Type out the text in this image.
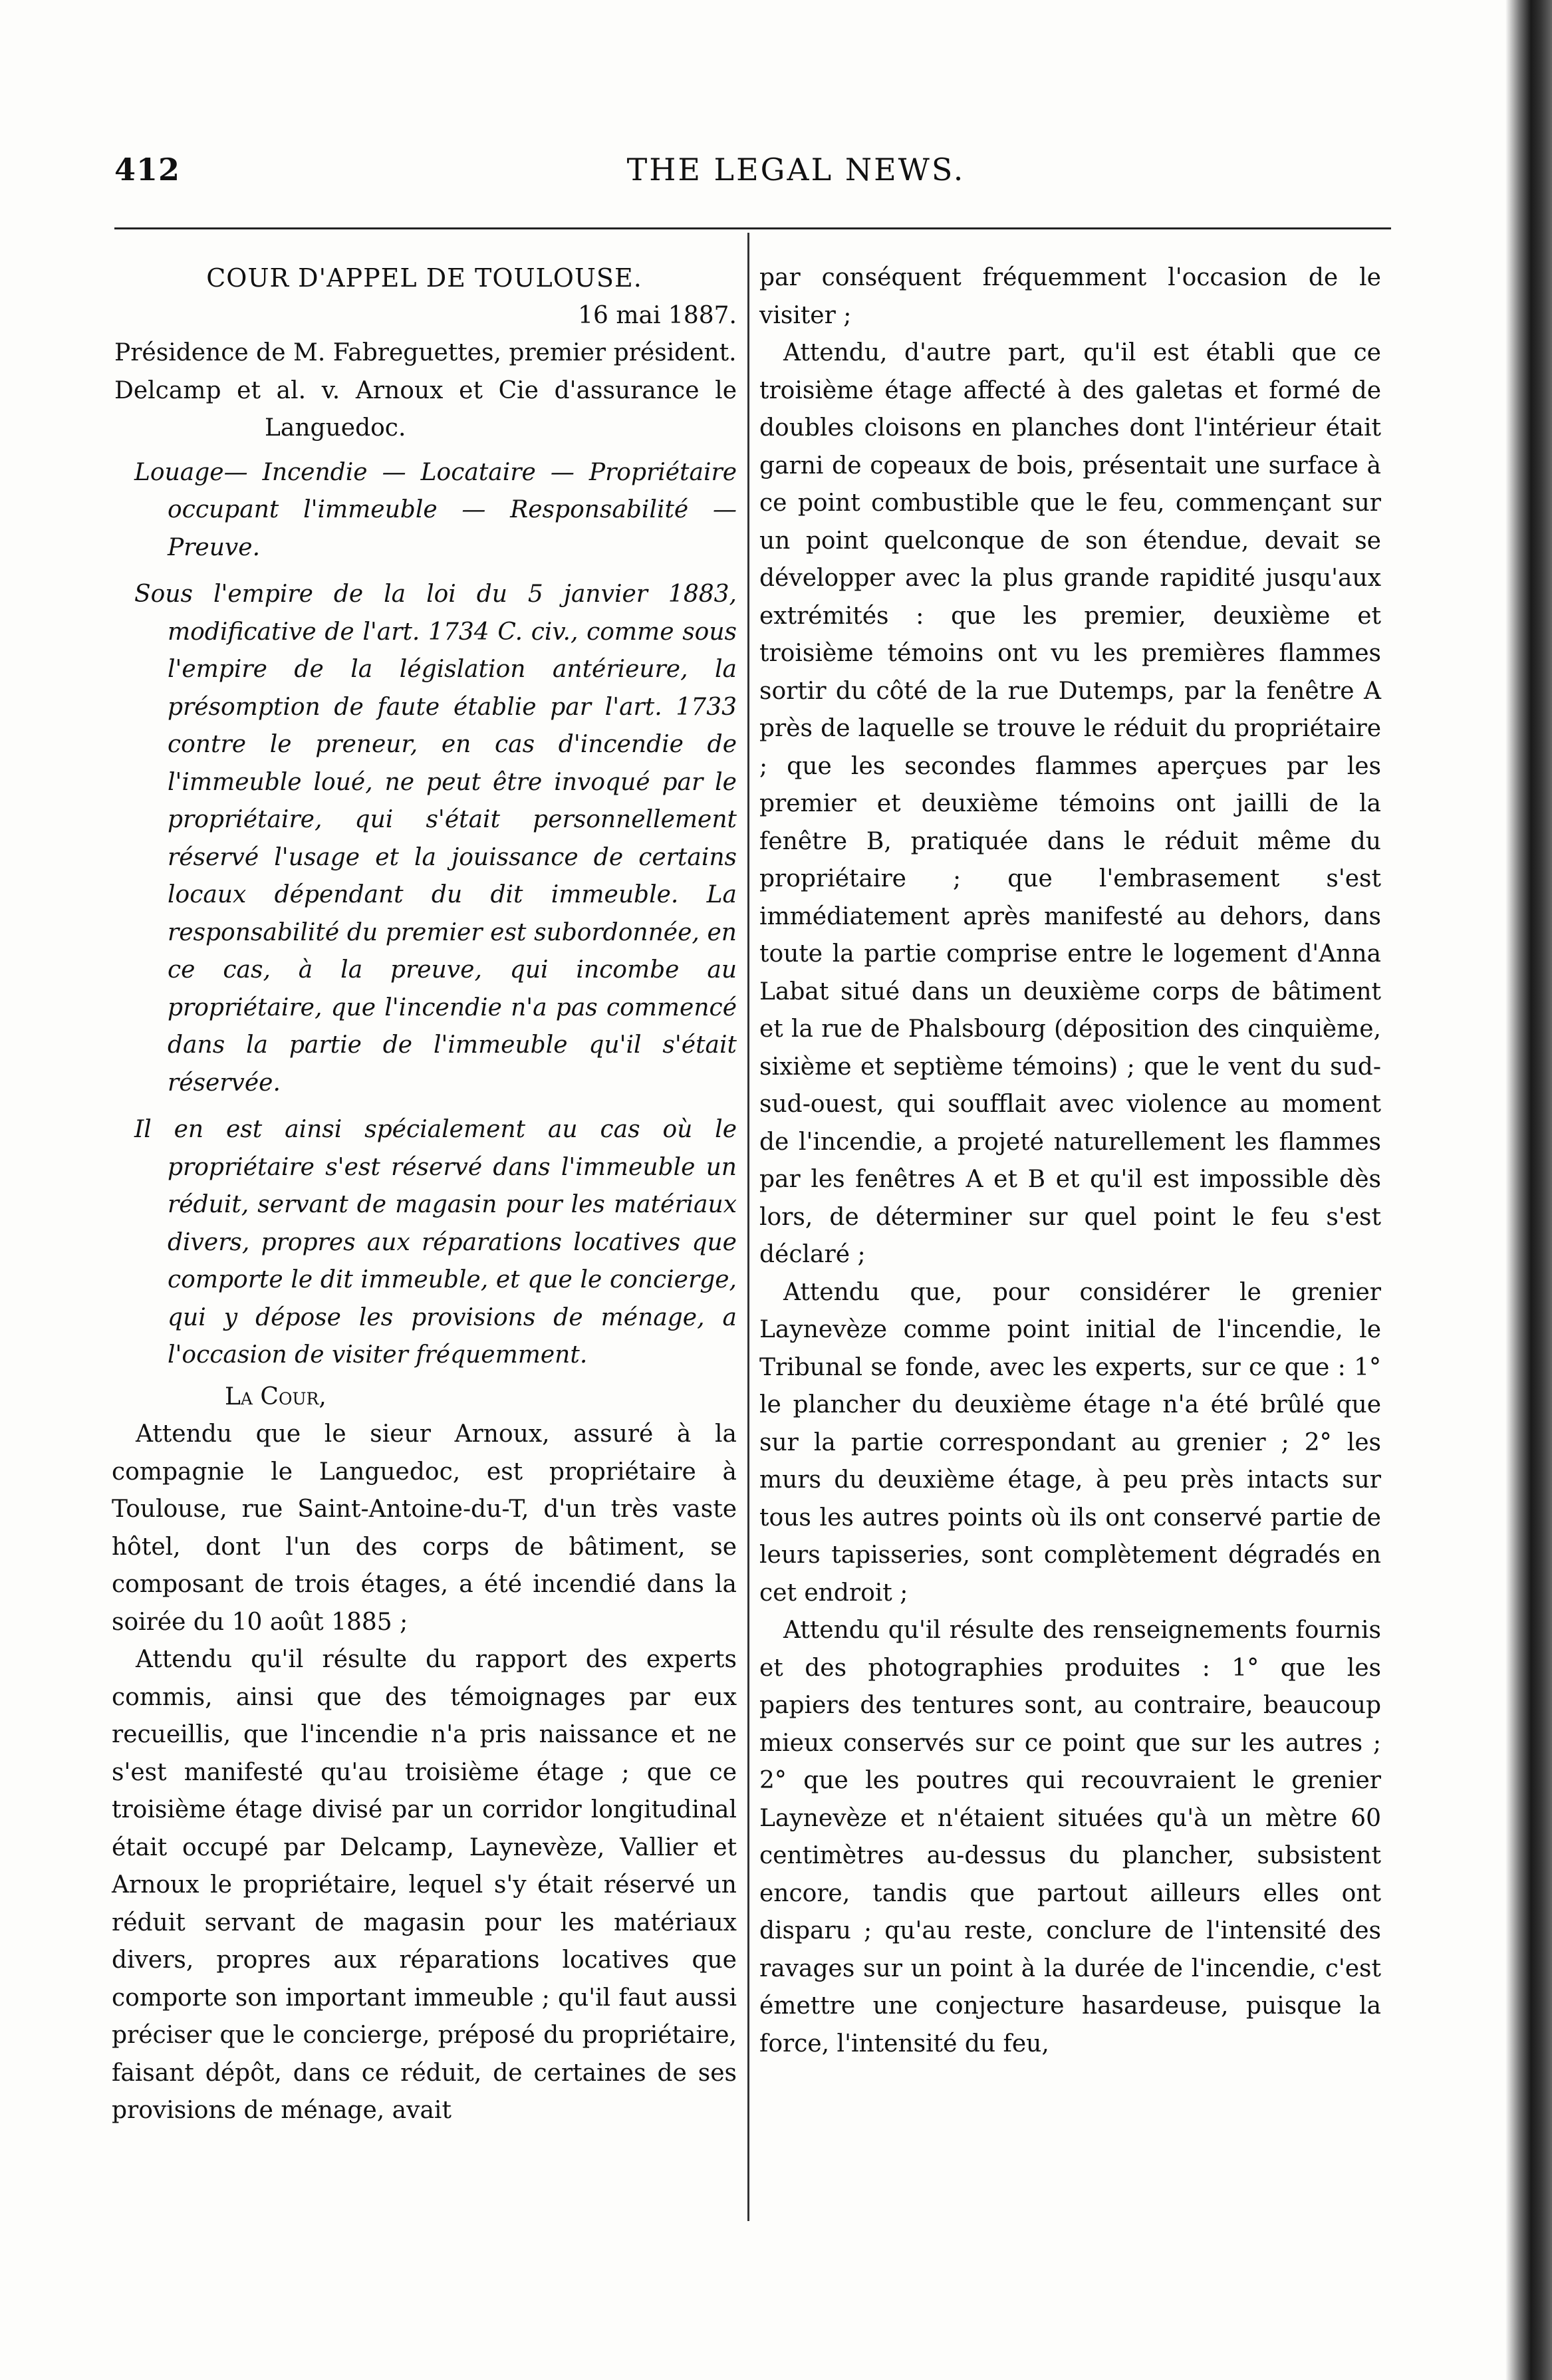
412	THE LEGAL NEWS.

COUR D'APPEL DE TOULOUSE.

16 mai 1887.

Présidence de M. Fabreguettes, premier président.

Delcamp et al. v. Arnoux et Cie d'assurance le Languedoc.

Louage— Incendie — Locataire — Propriétaire occupant l'immeuble — Responsabilité — Preuve.

Sous l'empire de la loi du 5 janvier 1883, modificative de l'art. 1734 C. civ., comme sous l'empire de la législation antérieure, la présomption de faute établie par l'art. 1733 contre le preneur, en cas d'incendie de l'immeuble loué, ne peut être invoqué par le propriétaire, qui s'était personnellement réservé l'usage et la jouissance de certains locaux dépendant du dit immeuble. La responsabilité du premier est subordonnée, en ce cas, à la preuve, qui incombe au propriétaire, que l'incendie n'a pas commencé dans la partie de l'immeuble qu'il s'était réservée.

Il en est ainsi spécialement au cas où le propriétaire s'est réservé dans l'immeuble un réduit, servant de magasin pour les matériaux divers, propres aux réparations locatives que comporte le dit immeuble, et que le concierge, qui y dépose les provisions de ménage, a l'occasion de visiter fréquemment.

La Cour,

Attendu que le sieur Arnoux, assuré à la compagnie le Languedoc, est propriétaire à Toulouse, rue Saint-Antoine-du-T, d'un très vaste hôtel, dont l'un des corps de bâtiment, se composant de trois étages, a été incendié dans la soirée du 10 août 1885 ;

Attendu qu'il résulte du rapport des experts commis, ainsi que des témoignages par eux recueillis, que l'incendie n'a pris naissance et ne s'est manifesté qu'au troisième étage ; que ce troisième étage divisé par un corridor longitudinal était occupé par Delcamp, Laynevèze, Vallier et Arnoux le propriétaire, lequel s'y était réservé un réduit servant de magasin pour les matériaux divers, propres aux réparations locatives que comporte son important immeuble ; qu'il faut aussi préciser que le concierge, préposé du propriétaire, faisant dépôt, dans ce réduit, de certaines de ses provisions de ménage, avait

par conséquent fréquemment l'occasion de le visiter ;

Attendu, d'autre part, qu'il est établi que ce troisième étage affecté à des galetas et formé de doubles cloisons en planches dont l'intérieur était garni de copeaux de bois, présentait une surface à ce point combustible que le feu, commençant sur un point quelconque de son étendue, devait se développer avec la plus grande rapidité jusqu'aux extrémités : que les premier, deuxième et troisième témoins ont vu les premières flammes sortir du côté de la rue Dutemps, par la fenêtre A près de laquelle se trouve le réduit du propriétaire ; que les secondes flammes aperçues par les premier et deuxième témoins ont jailli de la fenêtre B, pratiquée dans le réduit même du propriétaire ; que l'embrasement s'est immédiatement après manifesté au dehors, dans toute la partie comprise entre le logement d'Anna Labat situé dans un deuxième corps de bâtiment et la rue de Phalsbourg (déposition des cinquième, sixième et septième témoins) ; que le vent du sud-sud-ouest, qui soufflait avec violence au moment de l'incendie, a projeté naturellement les flammes par les fenêtres A et B et qu'il est impossible dès lors, de déterminer sur quel point le feu s'est déclaré ;

Attendu que, pour considérer le grenier Laynevèze comme point initial de l'incendie, le Tribunal se fonde, avec les experts, sur ce que : 1° le plancher du deuxième étage n'a été brûlé que sur la partie correspondant au grenier ; 2° les murs du deuxième étage, à peu près intacts sur tous les autres points où ils ont conservé partie de leurs tapisseries, sont complètement dégradés en cet endroit ;

Attendu qu'il résulte des renseignements fournis et des photographies produites : 1° que les papiers des tentures sont, au contraire, beaucoup mieux conservés sur ce point que sur les autres ; 2° que les poutres qui recouvraient le grenier Laynevèze et n'étaient situées qu'à un mètre 60 centimètres au-dessus du plancher, subsistent encore, tandis que partout ailleurs elles ont disparu ; qu'au reste, conclure de l'intensité des ravages sur un point à la durée de l'incendie, c'est émettre une conjecture hasardeuse, puisque la force, l'intensité du feu,
